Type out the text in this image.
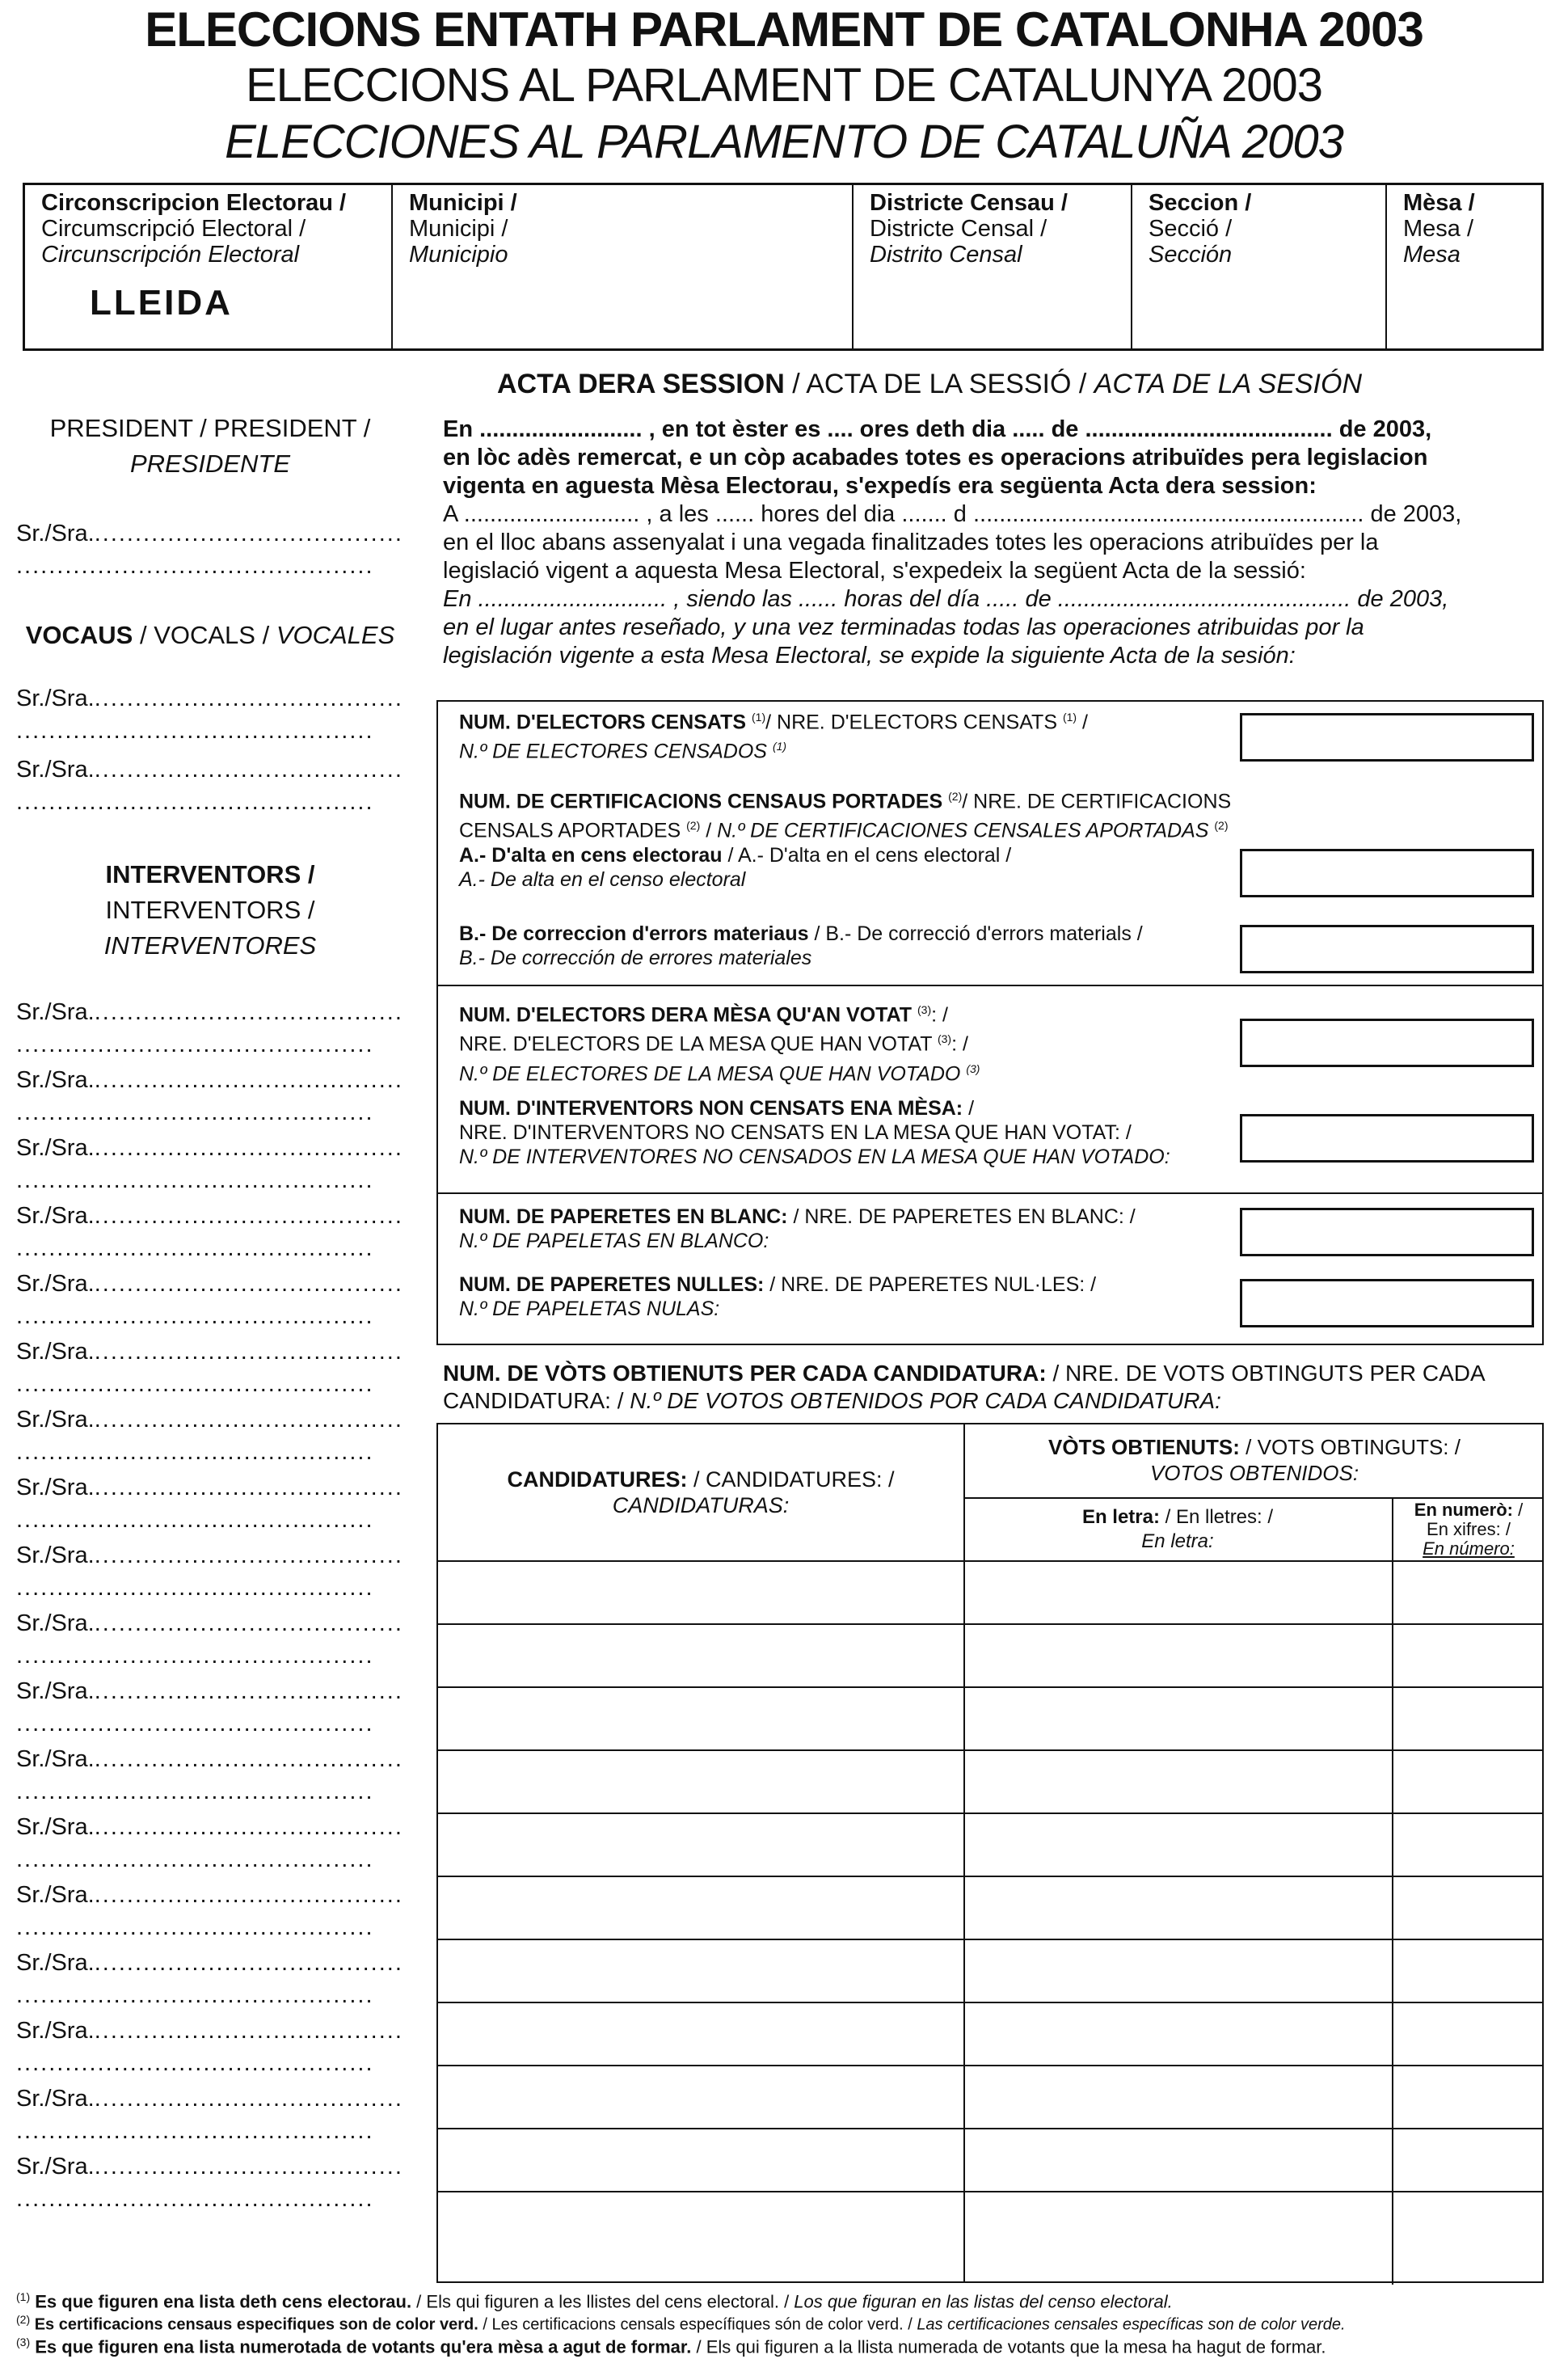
ELECCIONS ENTATH PARLAMENT DE CATALONHA 2003
ELECCIONS AL PARLAMENT DE CATALUNYA 2003
ELECCIONES AL PARLAMENTO DE CATALUÑA 2003
Circonscripcion Electorau /
Circumscripció Electoral /
Circunscripción Electoral
LLEIDA
Municipi /
Municipi /
Municipio
Districte Censau /
Districte Censal /
Distrito Censal
Seccion /
Secció /
Sección
Mèsa /
Mesa /
Mesa
ACTA DERA SESSION / ACTA DE LA SESSIÓ / ACTA DE LA SESIÓN
PRESIDENT / PRESIDENT /
PRESIDENTE
VOCAUS / VOCALS / VOCALES
INTERVENTORS /
INTERVENTORS /
INTERVENTORES
Sr./Sra.......................................
............................................
Sr./Sra.......................................
............................................
Sr./Sra.......................................
............................................
Sr./Sra.......................................
............................................
Sr./Sra.......................................
............................................
Sr./Sra.......................................
............................................
Sr./Sra.......................................
............................................
Sr./Sra.......................................
............................................
Sr./Sra.......................................
............................................
Sr./Sra.......................................
............................................
Sr./Sra.......................................
............................................
Sr./Sra.......................................
............................................
Sr./Sra.......................................
............................................
Sr./Sra.......................................
............................................
Sr./Sra.......................................
............................................
Sr./Sra.......................................
............................................
Sr./Sra.......................................
............................................
Sr./Sra.......................................
............................................
Sr./Sra.......................................
............................................
Sr./Sra.......................................
............................................
Sr./Sra.......................................
............................................
En ......................... , en tot èster es .... ores deth dia ..... de ...................................... de 2003,
en lòc adès remercat, e un còp acabades totes es operacions atribuïdes pera legislacion
vigenta en aguesta Mèsa Electorau, s'expedís era següenta Acta dera session:
A ........................... , a les ...... hores del dia ....... d ............................................................ de 2003,
en el lloc abans assenyalat i una vegada finalitzades totes les operacions atribuïdes per la
legislació vigent a aquesta Mesa Electoral, s'expedeix la següent Acta de la sessió:
En ............................. , siendo las ...... horas del día ..... de ............................................. de 2003,
en el lugar antes reseñado, y una vez terminadas todas las operaciones atribuidas por la
legislación vigente a esta Mesa Electoral, se expide la siguiente Acta de la sesión:
NUM. D'ELECTORS CENSATS $^{(1)}$/ NRE. D'ELECTORS CENSATS $^{(1)}$ /
N.º DE ELECTORES CENSADOS $^{(1)}$
NUM. DE CERTIFICACIONS CENSAUS PORTADES $^{(2)}$/ NRE. DE CERTIFICACIONS
CENSALS APORTADES $^{(2)}$ / N.º DE CERTIFICACIONES CENSALES APORTADAS $^{(2)}$
A.- D'alta en cens electorau / A.- D'alta en el cens electoral /
A.- De alta en el censo electoral
B.- De correccion d'errors materiaus / B.- De correcció d'errors materials /
B.- De corrección de errores materiales
NUM. D'ELECTORS DERA MÈSA QU'AN VOTAT $^{(3)}$: /
NRE. D'ELECTORS DE LA MESA QUE HAN VOTAT $^{(3)}$: /
N.º DE ELECTORES DE LA MESA QUE HAN VOTADO $^{(3)}$
NUM. D'INTERVENTORS NON CENSATS ENA MÈSA: /
NRE. D'INTERVENTORS NO CENSATS EN LA MESA QUE HAN VOTAT: /
N.º DE INTERVENTORES NO CENSADOS EN LA MESA QUE HAN VOTADO:
NUM. DE PAPERETES EN BLANC: / NRE. DE PAPERETES EN BLANC: /
N.º DE PAPELETAS EN BLANCO:
NUM. DE PAPERETES NULLES: / NRE. DE PAPERETES NUL·LES: /
N.º DE PAPELETAS NULAS:
NUM. DE VÒTS OBTIENUTS PER CADA CANDIDATURA: / NRE. DE VOTS OBTINGUTS PER CADA
CANDIDATURA: / N.º DE VOTOS OBTENIDOS POR CADA CANDIDATURA:
CANDIDATURES: / CANDIDATURES: /
CANDIDATURAS:
VÒTS OBTIENUTS: / VOTS OBTINGUTS: /
VOTOS OBTENIDOS:
En letra: / En lletres: /
En letra:
En numerò: /
En xifres: /
En número:
$^{(1)}$ Es que figuren ena lista deth cens electorau. / Els qui figuren a les llistes del cens electoral. / Los que figuran en las listas del censo electoral.
$^{(2)}$ Es certificacions censaus especifiques son de color verd. / Les certificacions censals específiques són de color verd. / Las certificaciones censales específicas son de color verde.
$^{(3)}$ Es que figuren ena lista numerotada de votants qu'era mèsa a agut de formar. / Els qui figuren a la llista numerada de votants que la mesa ha hagut de formar.
